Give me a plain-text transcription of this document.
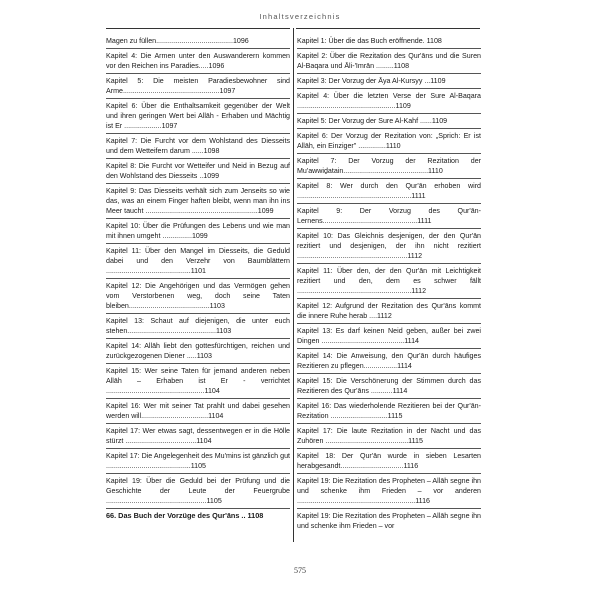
Inhaltsverzeichnis
Magen zu füllen.......................................1096
Kapitel 4: Die Armen unter den Auswanderern kommen vor den Reichen ins Paradies.....1096
Kapitel 5: Die meisten Paradiesbewohner sind Arme.................................................1097
Kapitel 6: Über die Enthaltsamkeit gegenüber der Welt und ihren geringen Wert bei Allāh - Erhaben und Mächtig ist Er ...................1097
Kapitel 7: Die Furcht vor dem Wohlstand des Diesseits und dem Wetteifern darum ......1098
Kapitel 8: Die Furcht vor Wetteifer und Neid in Bezug auf den Wohlstand des Diesseits ..1099
Kapitel 9: Das Diesseits verhält sich zum Jenseits so wie das, was an einem Finger haften bleibt, wenn man ihn ins Meer taucht .........................................................1099
Kapitel 10: Über die Prüfungen des Lebens und wie man mit ihnen umgeht ...............1099
Kapitel 11: Über den Mangel im Diesseits, die Geduld dabei und den Verzehr von Baumblättern ...........................................1101
Kapitel 12: Die Angehörigen und das Vermögen gehen vom Verstorbenen weg, doch seine Taten bleiben.........................................1103
Kapitel 13: Schaut auf diejenigen, die unter euch stehen.............................................1103
Kapitel 14: Allāh liebt den gottesfürchtigen, reichen und zurückgezogenen Diener .....1103
Kapitel 15: Wer seine Taten für jemand anderen neben Allāh – Erhaben ist Er - verrichtet ..................................................1104
Kapitel 16: Wer mit seiner Tat prahlt und dabei gesehen werden will..................................1104
Kapitel 17: Wer etwas sagt, dessentwegen er in die Hölle stürzt ....................................1104
Kapitel 17: Die Angelegenheit des Mu'mins ist gänzlich gut ...........................................1105
Kapitel 19: Über die Geduld bei der Prüfung und die Geschichte der Leute der Feuergrube ...................................................1105
66. Das Buch der Vorzüge des Qur'āns .. 1108
Kapitel 1: Über die das Buch eröffnende. 1108
Kapitel 2: Über die Rezitation des Qur'āns und die Suren Al-Baqara und Āli-'Imrān .........1108
Kapitel 3: Der Vorzug der Āya Al-Kursyy ...1109
Kapitel 4: Über die letzten Verse der Sure Al-Baqara ..................................................1109
Kapitel 5: Der Vorzug der Sure Al-Kahf ......1109
Kapitel 6: Der Vorzug der Rezitation von: „Sprich: Er ist Allāh, ein Einziger" ..............1110
Kapitel 7: Der Vorzug der Rezitation der Mu'awwiḏatain...........................................1110
Kapitel 8: Wer durch den Qur'ān erhoben wird ..........................................................1111
Kapitel 9: Der Vorzug des Qur'ān-Lernens................................................1111
Kapitel 10: Das Gleichnis desjenigen, der den Qur'ān rezitiert und desjenigen, der ihn nicht rezitiert ........................................................1112
Kapitel 11: Über den, der den Qur'ān mit Leichtigkeit rezitiert und den, dem es schwer fällt ..........................................................1112
Kapitel 12: Aufgrund der Rezitation des Qur'āns kommt die innere Ruhe herab ....1112
Kapitel 13: Es darf keinen Neid geben, außer bei zwei Dingen ..........................................1114
Kapitel 14: Die Anweisung, den Qur'ān durch häufiges Rezitieren zu pflegen.................1114
Kapitel 15: Die Verschönerung der Stimmen durch das Rezitieren des Qur'āns ...........1114
Kapitel 16: Das wiederholende Rezitieren bei der Qur'ān-Rezitation .............................1115
Kapitel 17: Die laute Rezitation in der Nacht und das Zuhören ..........................................1115
Kapitel 18: Der Qur'ān wurde in sieben Lesarten herabgesandt................................1116
Kapitel 19: Die Rezitation des Propheten – Allāh segne ihn und schenke ihm Frieden – vor anderen ............................................................1116
Kapitel 19: Die Rezitation des Propheten – Allāh segne ihn und schenke ihm Frieden – vor
575
